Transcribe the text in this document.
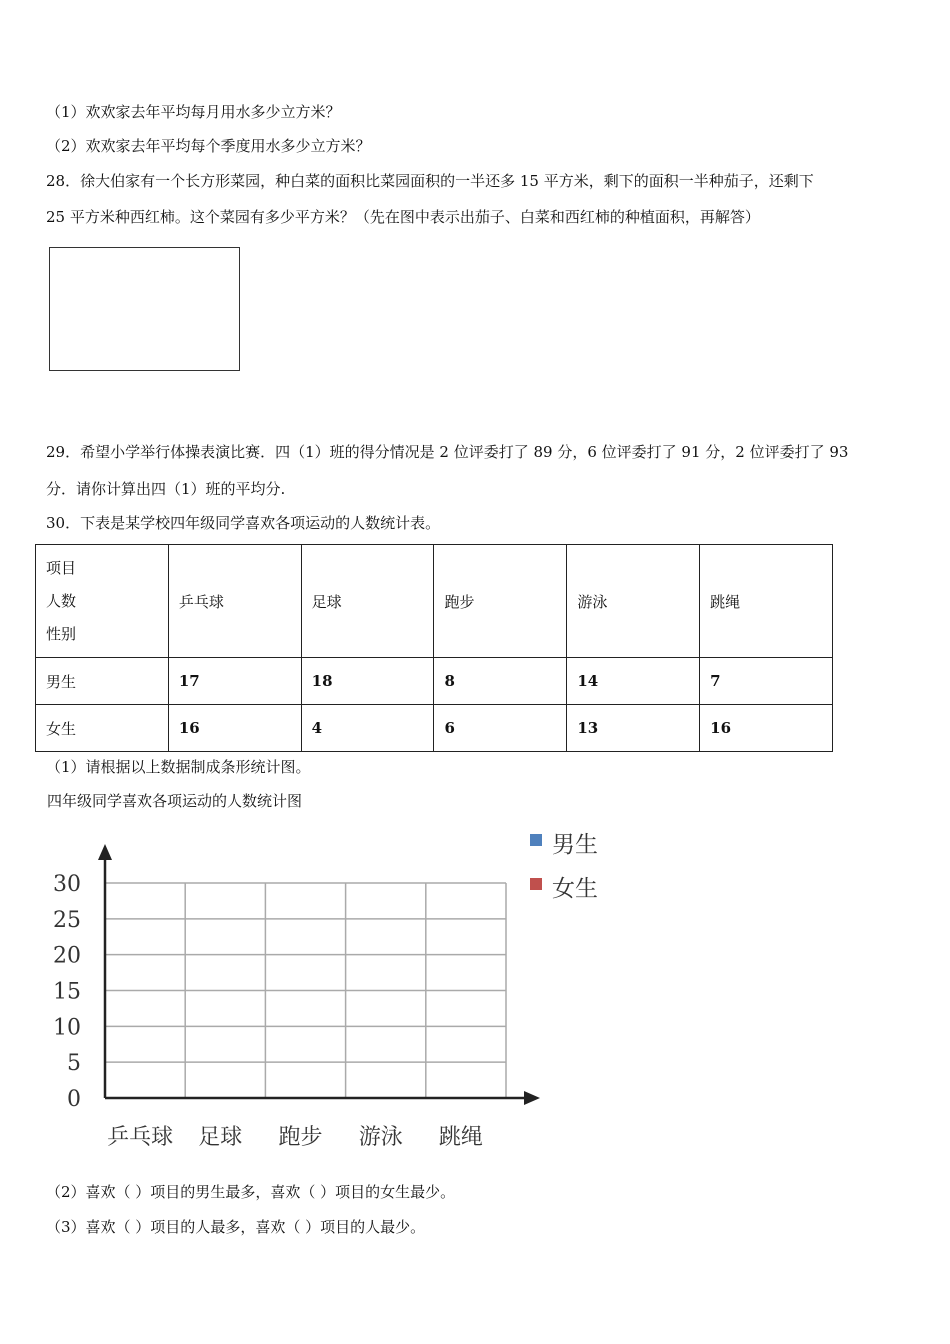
（1）欢欢家去年平均每月用水多少立方米？
（2）欢欢家去年平均每个季度用水多少立方米？
28．徐大伯家有一个长方形菜园，种白菜的面积比菜园面积的一半还多 15 平方米，剩下的面积一半种茄子，还剩下
25 平方米种西红柿。这个菜园有多少平方米？（先在图中表示出茄子、白菜和西红柿的种植面积，再解答）
29．希望小学举行体操表演比赛．四（1）班的得分情况是 2 位评委打了 89 分，6 位评委打了 91 分，2 位评委打了 93
分．请你计算出四（1）班的平均分.
30．下表是某学校四年级同学喜欢各项运动的人数统计表。
项目
人数
性别	乒乓球	足球	跑步	游泳	跳绳
男生	17	18	8	14	7
女生	16	4	6	13	16
（1）请根据以上数据制成条形统计图。
四年级同学喜欢各项运动的人数统计图
0
5
10
15
20
25
30
乒乓球 足球 跑步 游泳 跳绳
男生
女生
（2）喜欢（ ）项目的男生最多，喜欢（ ）项目的女生最少。
（3）喜欢（ ）项目的人最多，喜欢（ ）项目的人最少。
